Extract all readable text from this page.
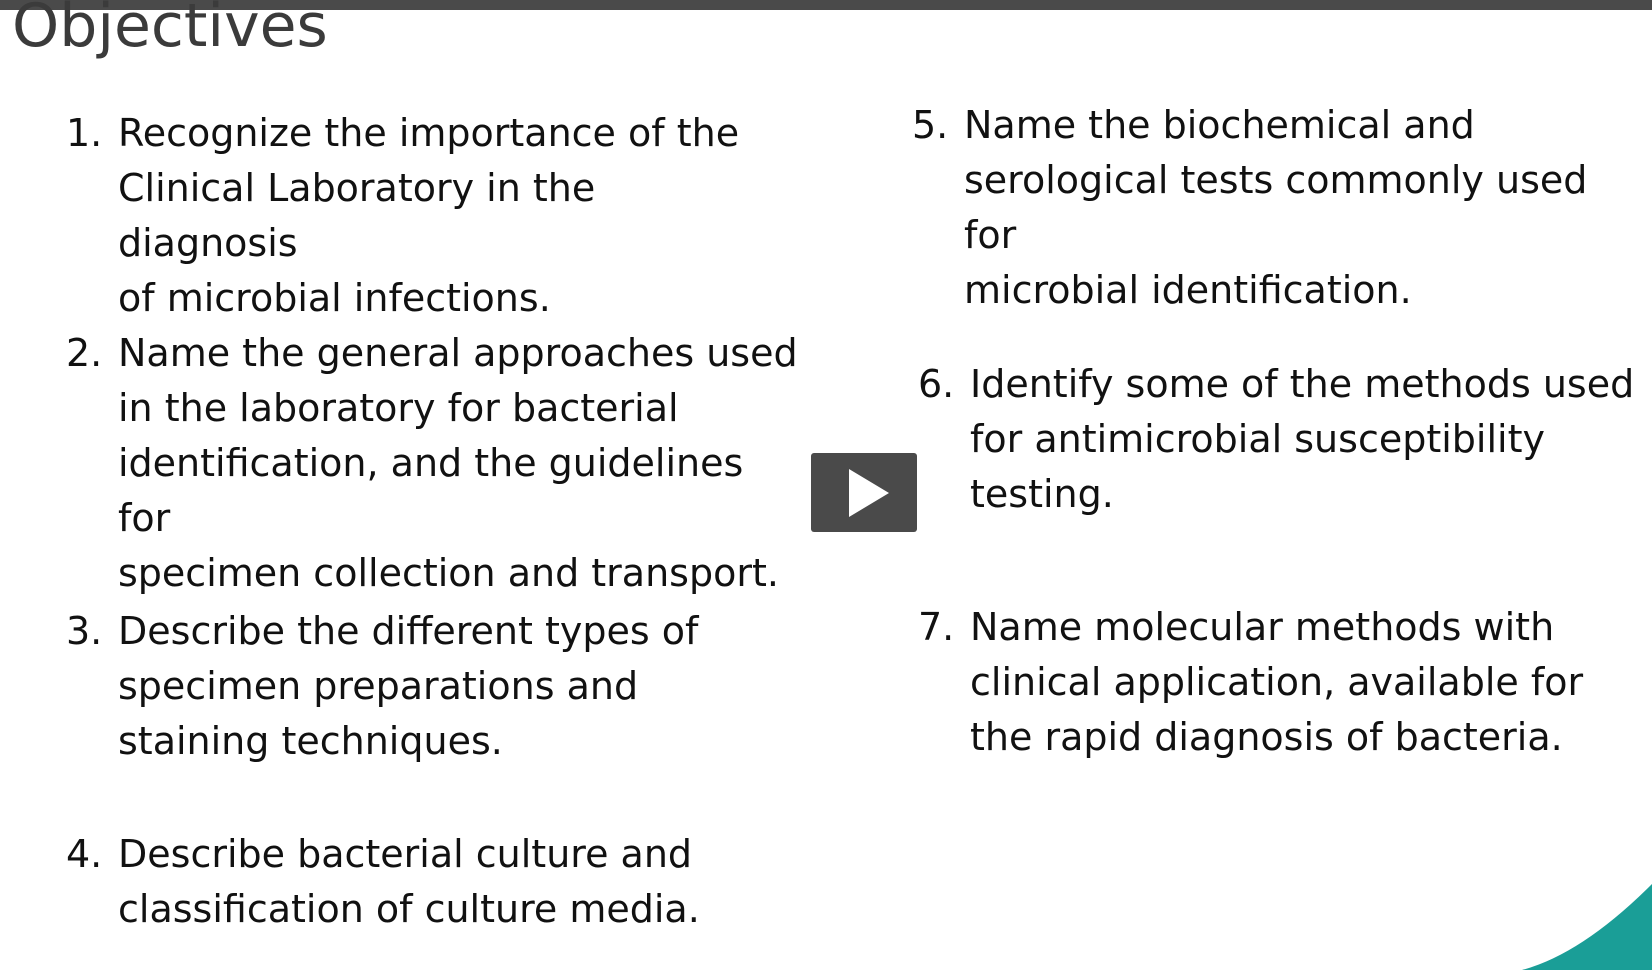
Objectives
1. Recognize the importance of the
Clinical Laboratory in the diagnosis
of microbial infections.
2. Name the general approaches used
in the laboratory for bacterial
identification, and the guidelines for
specimen collection and transport.
3. Describe the different types of
specimen preparations and
staining techniques.
4. Describe bacterial culture and
classification of culture media.
5. Name the biochemical and
serological tests commonly used for
microbial identification.
6. Identify some of the methods used
for antimicrobial susceptibility
testing.
7. Name molecular methods with
clinical application, available for
the rapid diagnosis of bacteria.
